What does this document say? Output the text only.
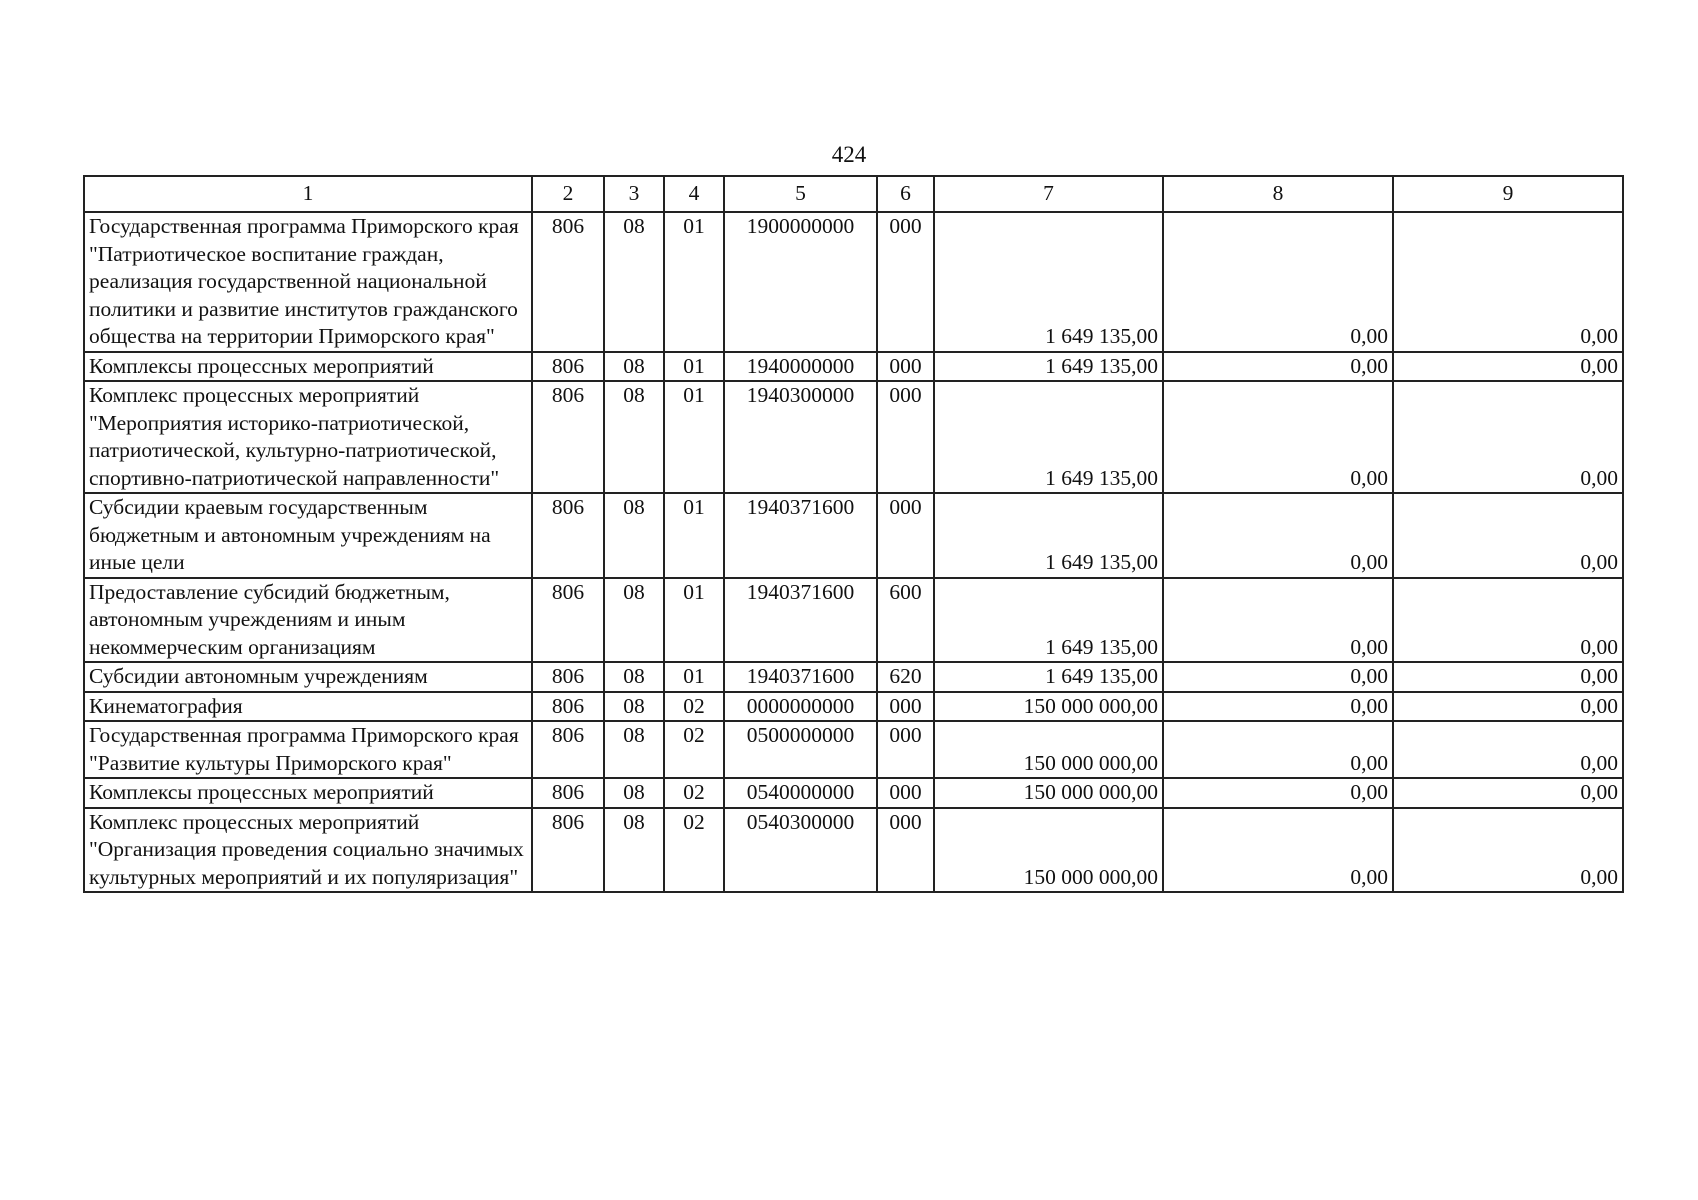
424
1	2	3	4	5	6	7	8	9
Государственная программа Приморского края "Патриотическое воспитание граждан, реализация государственной национальной политики и развитие институтов гражданского общества на территории Приморского края"	806	08	01	1900000000	000	1 649 135,00	0,00	0,00
Комплексы процессных мероприятий	806	08	01	1940000000	000	1 649 135,00	0,00	0,00
Комплекс процессных мероприятий "Мероприятия историко-патриотической, патриотической, культурно-патриотической, спортивно-патриотической направленности"	806	08	01	1940300000	000	1 649 135,00	0,00	0,00
Субсидии краевым государственным бюджетным и автономным учреждениям на иные цели	806	08	01	1940371600	000	1 649 135,00	0,00	0,00
Предоставление субсидий бюджетным, автономным учреждениям и иным некоммерческим организациям	806	08	01	1940371600	600	1 649 135,00	0,00	0,00
Субсидии автономным учреждениям	806	08	01	1940371600	620	1 649 135,00	0,00	0,00
Кинематография	806	08	02	0000000000	000	150 000 000,00	0,00	0,00
Государственная программа Приморского края "Развитие культуры Приморского края"	806	08	02	0500000000	000	150 000 000,00	0,00	0,00
Комплексы процессных мероприятий	806	08	02	0540000000	000	150 000 000,00	0,00	0,00
Комплекс процессных мероприятий "Организация проведения социально значимых культурных мероприятий и их популяризация"	806	08	02	0540300000	000	150 000 000,00	0,00	0,00
